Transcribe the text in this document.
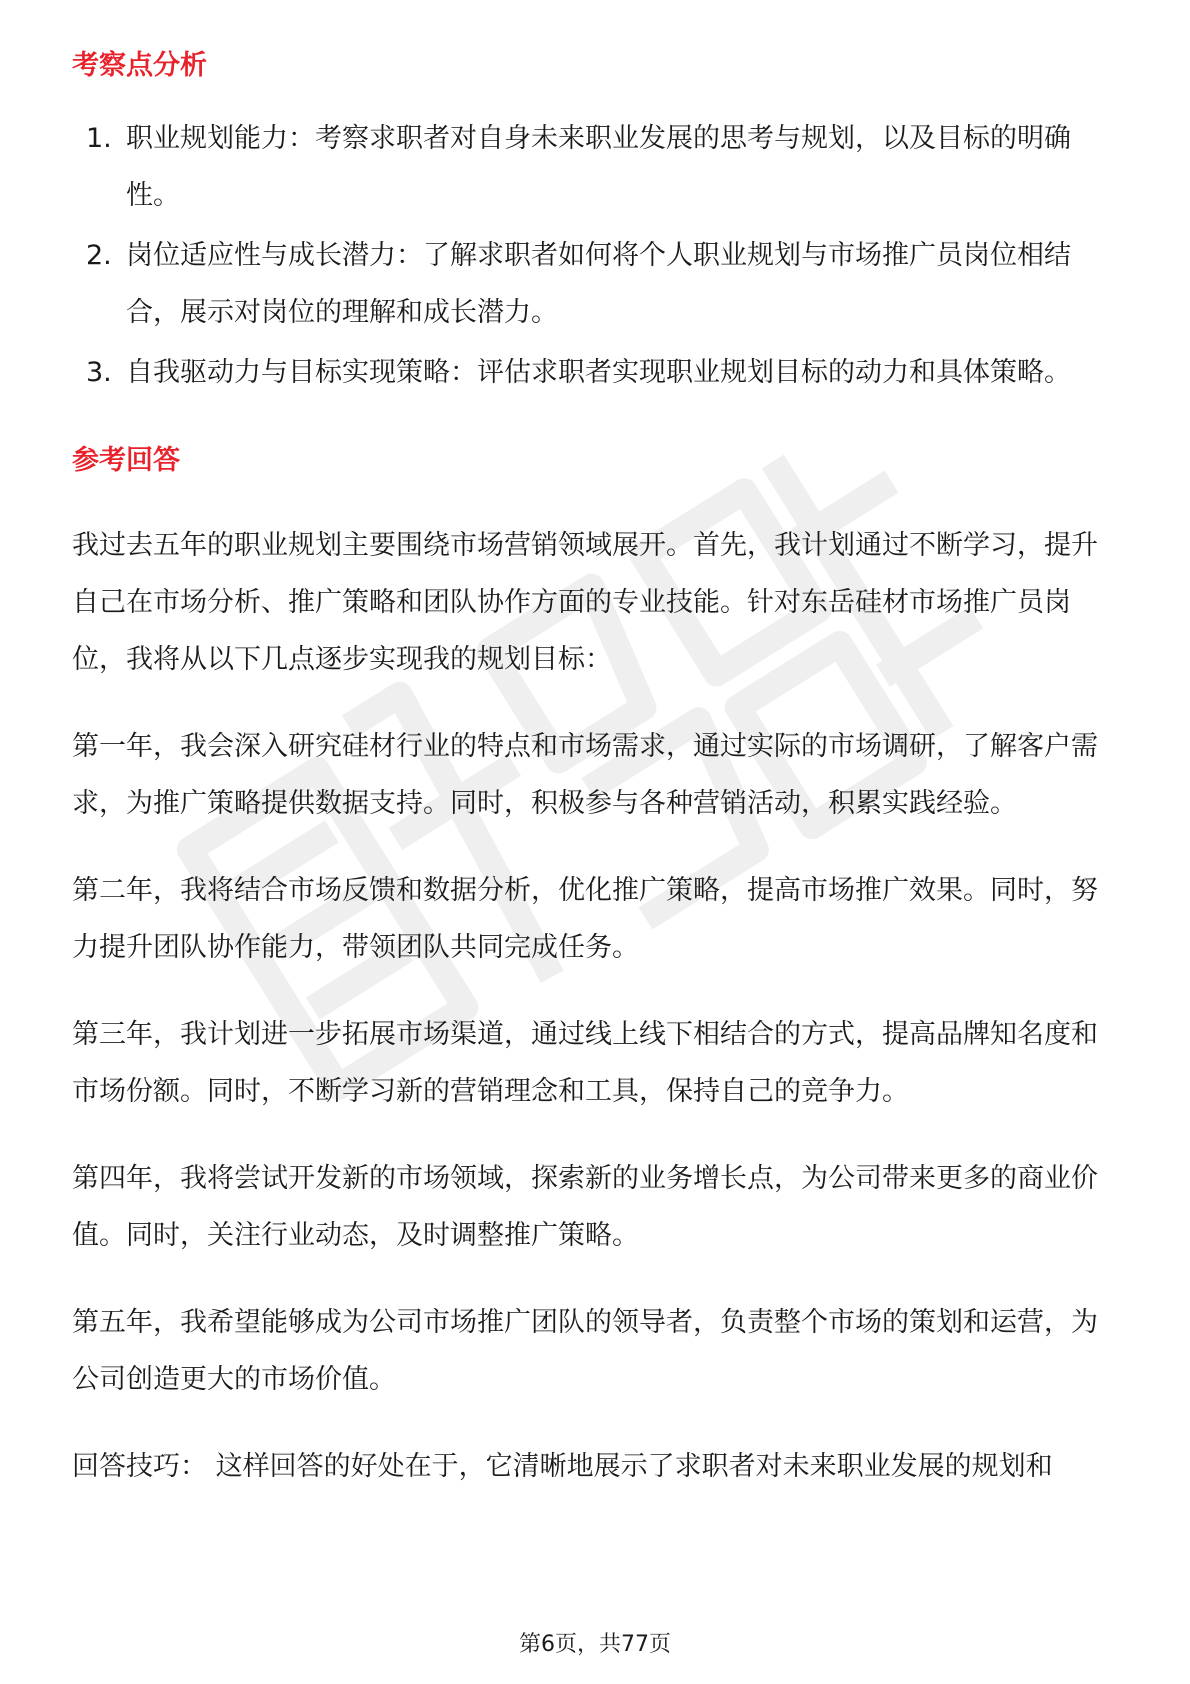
考察点分析
1. 职业规划能力：考察求职者对自身未来职业发展的思考与规划，以及目标的明确性。
2. 岗位适应性与成长潜力：了解求职者如何将个人职业规划与市场推广员岗位相结合，展示对岗位的理解和成长潜力。
3. 自我驱动力与目标实现策略：评估求职者实现职业规划目标的动力和具体策略。
参考回答

我过去五年的职业规划主要围绕市场营销领域展开。首先，我计划通过不断学习，提升自己在市场分析、推广策略和团队协作方面的专业技能。针对东岳硅材市场推广员岗位，我将从以下几点逐步实现我的规划目标：

第一年，我会深入研究硅材行业的特点和市场需求，通过实际的市场调研，了解客户需求，为推广策略提供数据支持。同时，积极参与各种营销活动，积累实践经验。

第二年，我将结合市场反馈和数据分析，优化推广策略，提高市场推广效果。同时，努力提升团队协作能力，带领团队共同完成任务。

第三年，我计划进一步拓展市场渠道，通过线上线下相结合的方式，提高品牌知名度和市场份额。同时，不断学习新的营销理念和工具，保持自己的竞争力。

第四年，我将尝试开发新的市场领域，探索新的业务增长点，为公司带来更多的商业价值。同时，关注行业动态，及时调整推广策略。

第五年，我希望能够成为公司市场推广团队的领导者，负责整个市场的策划和运营，为公司创造更大的市场价值。

回答技巧： 这样回答的好处在于，它清晰地展示了求职者对未来职业发展的规划和

第6页，共77页
